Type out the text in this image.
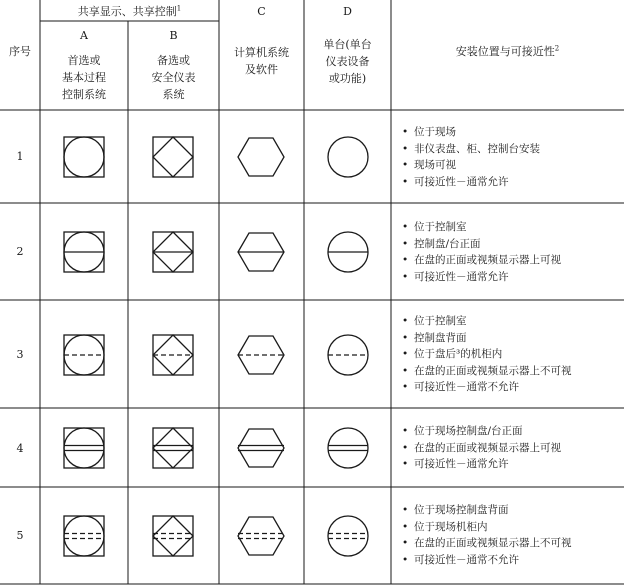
共享显示、共享控制$^1$
A	B
C	D
序号
首选或
基本过程
控制系统
备选或
安全仪表
系统
计算机系统
及软件
单台(单台
仪表设备
或功能)
安装位置与可接近性$^2$
1
2
3
4
5
• 位于现场
• 非仪表盘、柜、控制台安装
• 现场可视
• 可接近性－通常允许
• 位于控制室
• 控制盘/台正面
• 在盘的正面或视频显示器上可视
• 可接近性－通常允许
• 位于控制室
• 控制盘背面
• 位于盘后³的机柜内
• 在盘的正面或视频显示器上不可视
• 可接近性－通常不允许
• 位于现场控制盘/台正面
• 在盘的正面或视频显示器上可视
• 可接近性－通常允许
• 位于现场控制盘背面
• 位于现场机柜内
• 在盘的正面或视频显示器上不可视
• 可接近性－通常不允许
